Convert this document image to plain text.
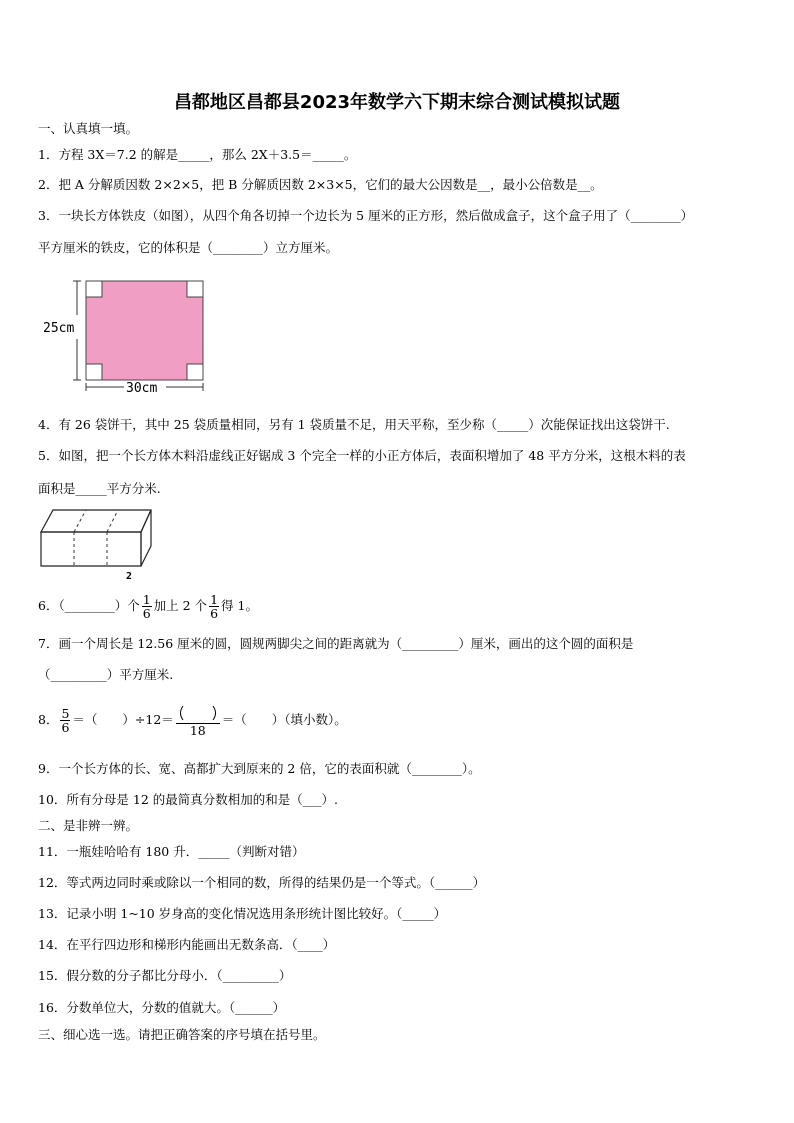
昌都地区昌都县2023年数学六下期末综合测试模拟试题
一、认真填一填。
1．方程 3X＝7.2 的解是_____，那么 2X＋3.5＝_____。
2．把 A 分解质因数 2×2×5，把 B 分解质因数 2×3×5，它们的最大公因数是__，最小公倍数是__。
3．一块长方体铁皮（如图），从四个角各切掉一个边长为 5 厘米的正方形，然后做成盒子，这个盒子用了（________）
平方厘米的铁皮，它的体积是（________）立方厘米。
25cm
30cm
4．有 26 袋饼干，其中 25 袋质量相同，另有 1 袋质量不足，用天平称，至少称（_____）次能保证找出这袋饼干.
5．如图，把一个长方体木料沿虚线正好锯成 3 个完全一样的小正方体后，表面积增加了 48 平方分米，这根木料的表
面积是_____平方分米.
2
6．（________）个 $\frac{1}{6}$ 加上 2 个 $\frac{1}{6}$ 得 1。
7．画一个周长是 12.56 厘米的圆，圆规两脚尖之间的距离就为（_________）厘米，画出的这个圆的面积是
（_________）平方厘米.
8． $\frac{5}{6}$ ＝（　　）÷12＝
18
＝（　　）（填小数）。
9．一个长方体的长、宽、高都扩大到原来的 2 倍，它的表面积就（________）。
10．所有分母是 12 的最简真分数相加的和是（___）.
二、是非辨一辨。
11．一瓶娃哈哈有 180 升．_____（判断对错）
12．等式两边同时乘或除以一个相同的数，所得的结果仍是一个等式。（______）
13．记录小明 1~10 岁身高的变化情况选用条形统计图比较好。（_____）
14．在平行四边形和梯形内能画出无数条高．（____）
15．假分数的分子都比分母小．（_________）
16．分数单位大，分数的值就大。（______）
三、细心选一选。请把正确答案的序号填在括号里。
